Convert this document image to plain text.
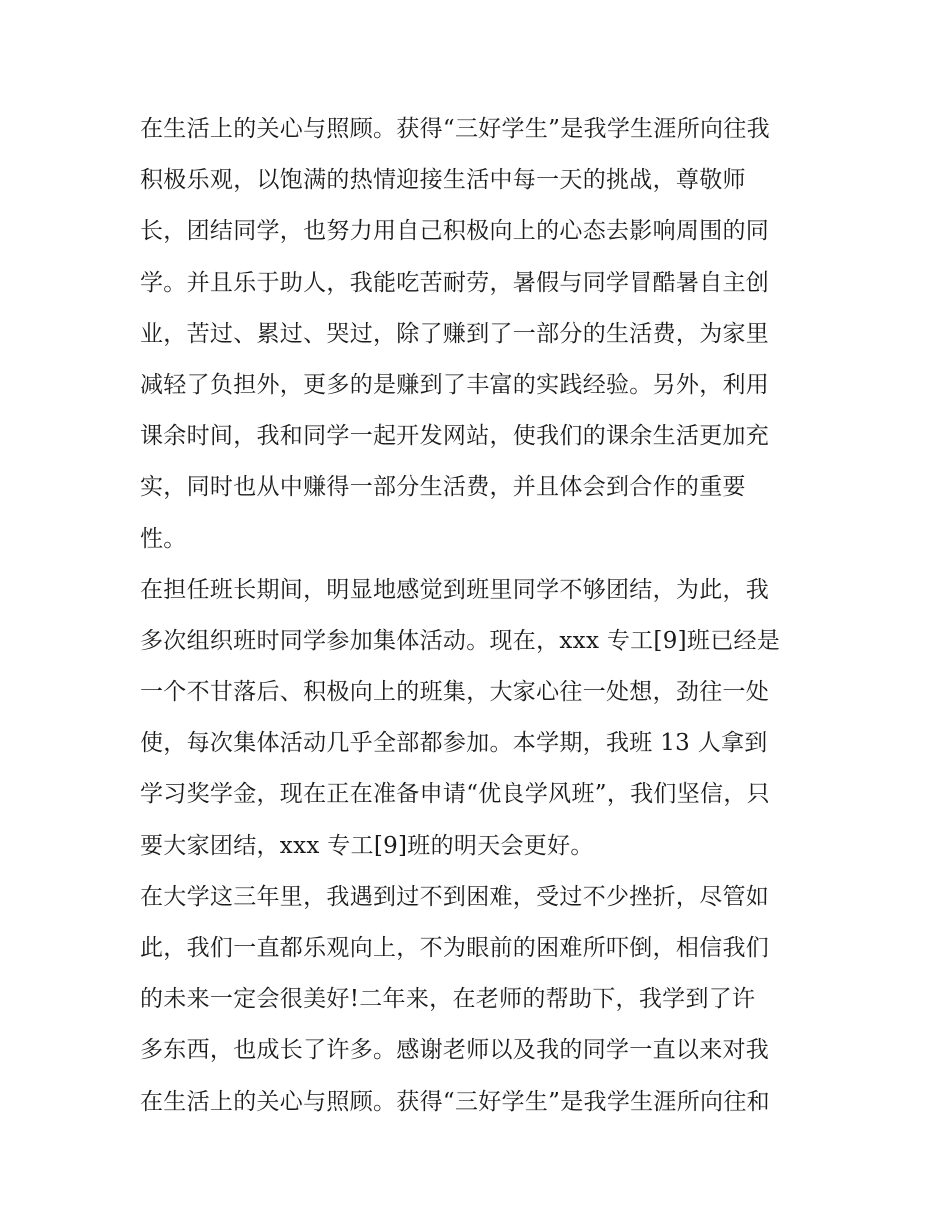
在生活上的关心与照顾。获得“三好学生”是我学生涯所向往我
积极乐观，以饱满的热情迎接生活中每一天的挑战，尊敬师
长，团结同学，也努力用自己积极向上的心态去影响周围的同
学。并且乐于助人，我能吃苦耐劳，暑假与同学冒酷暑自主创
业，苦过、累过、哭过，除了赚到了一部分的生活费，为家里
减轻了负担外，更多的是赚到了丰富的实践经验。另外，利用
课余时间，我和同学一起开发网站，使我们的课余生活更加充
实，同时也从中赚得一部分生活费，并且体会到合作的重要
性。
在担任班长期间，明显地感觉到班里同学不够团结，为此，我
多次组织班时同学参加集体活动。现在，xxx 专工[9]班已经是
一个不甘落后、积极向上的班集，大家心往一处想，劲往一处
使，每次集体活动几乎全部都参加。本学期，我班 13 人拿到
学习奖学金，现在正在准备申请“优良学风班”，我们坚信，只
要大家团结，xxx 专工[9]班的明天会更好。
在大学这三年里，我遇到过不到困难，受过不少挫折，尽管如
此，我们一直都乐观向上，不为眼前的困难所吓倒，相信我们
的未来一定会很美好!二年来，在老师的帮助下，我学到了许
多东西，也成长了许多。感谢老师以及我的同学一直以来对我
在生活上的关心与照顾。获得“三好学生”是我学生涯所向往和
